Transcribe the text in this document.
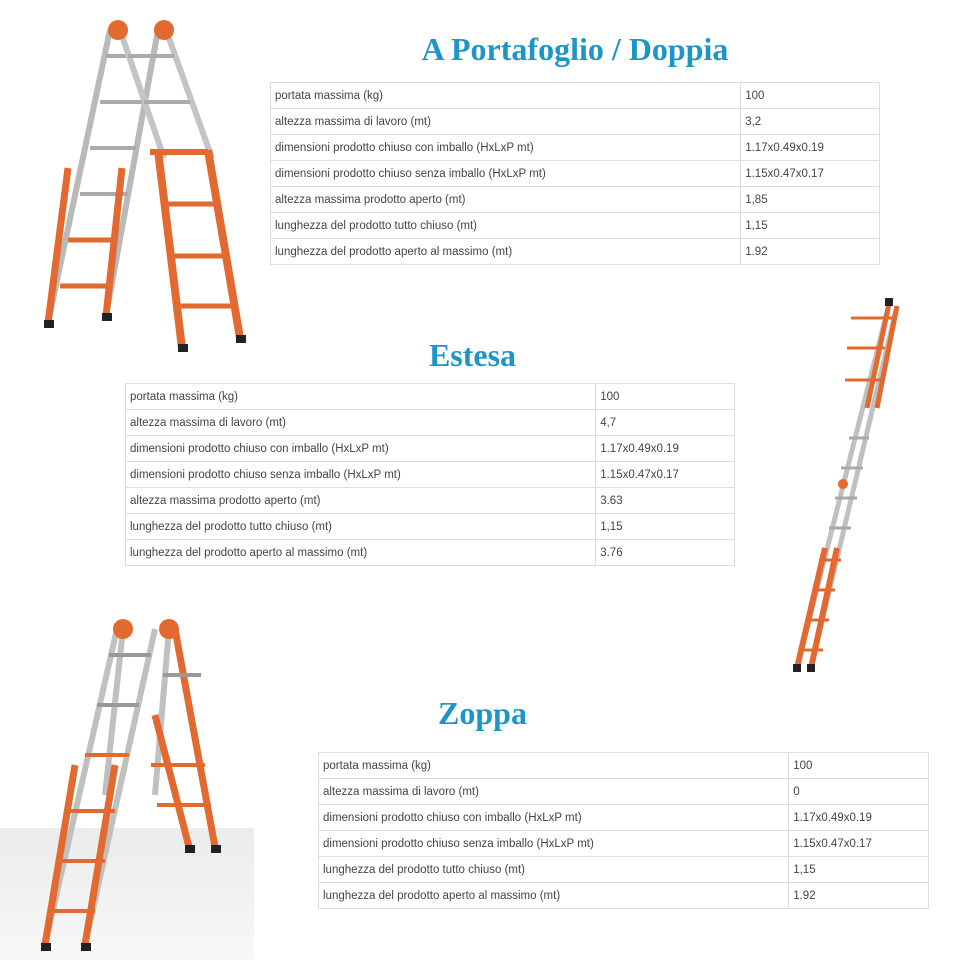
A Portafoglio / Doppia
portata massima (kg)	100
altezza massima di lavoro (mt)	3,2
dimensioni prodotto chiuso con imballo (HxLxP mt)	1.17x0.49x0.19
dimensioni prodotto chiuso senza imballo (HxLxP mt)	1.15x0.47x0.17
altezza massima prodotto aperto (mt)	1,85
lunghezza del prodotto tutto chiuso (mt)	1,15
lunghezza del prodotto aperto al massimo (mt)	1.92
Estesa
portata massima (kg)	100
altezza massima di lavoro (mt)	4,7
dimensioni prodotto chiuso con imballo (HxLxP mt)	1.17x0.49x0.19
dimensioni prodotto chiuso senza imballo (HxLxP mt)	1.15x0.47x0.17
altezza massima prodotto aperto (mt)	3.63
lunghezza del prodotto tutto chiuso (mt)	1,15
lunghezza del prodotto aperto al massimo (mt)	3.76
Zoppa
portata massima (kg)	100
altezza massima di lavoro (mt)	0
dimensioni prodotto chiuso con imballo (HxLxP mt)	1.17x0.49x0.19
dimensioni prodotto chiuso senza imballo (HxLxP mt)	1.15x0.47x0.17
lunghezza del prodotto tutto chiuso (mt)	1,15
lunghezza del prodotto aperto al massimo (mt)	1.92
